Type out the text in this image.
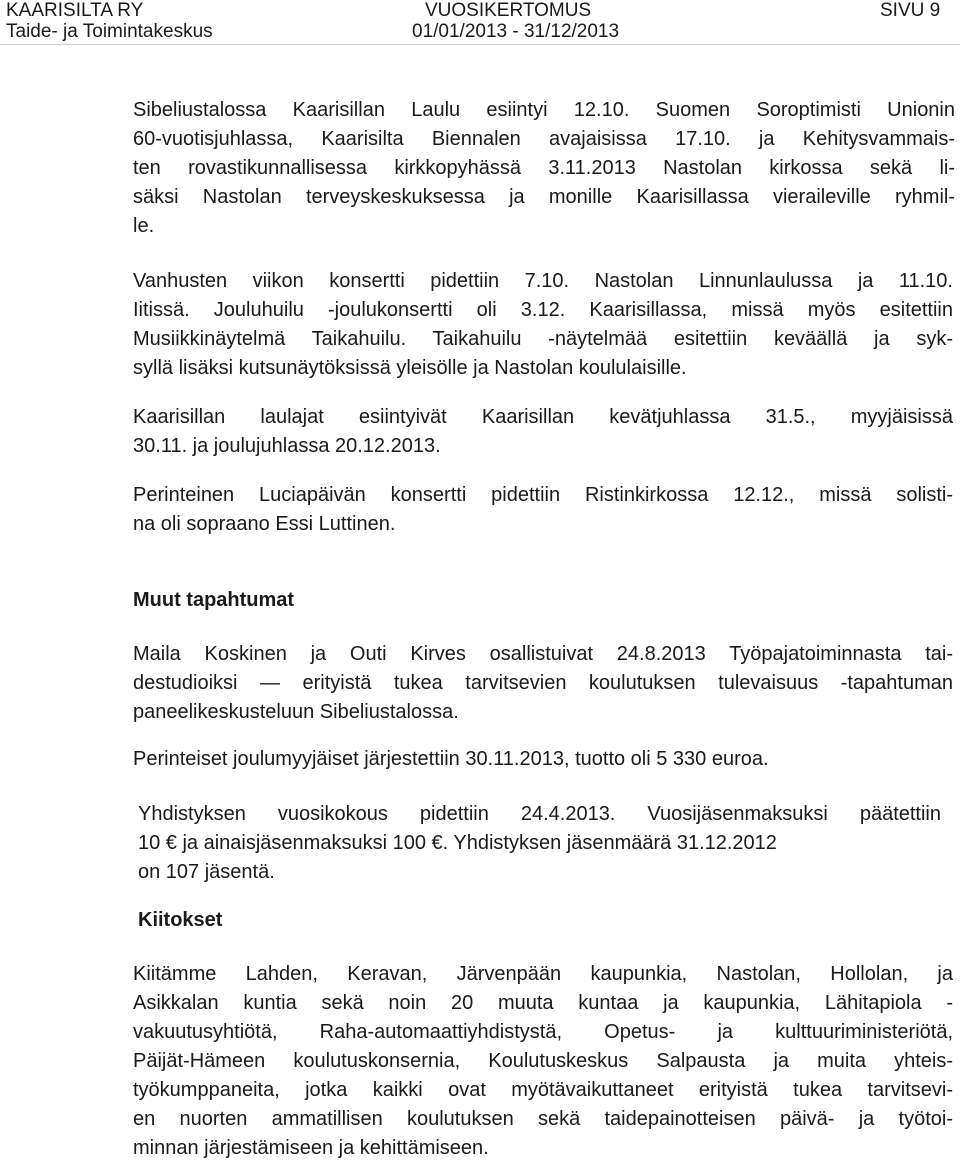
KAARISILTA RY
Taide- ja Toimintakeskus
VUOSIKERTOMUS
01/01/2013 - 31/12/2013
SIVU 9
Sibeliustalossa Kaarisillan Laulu esiintyi 12.10. Suomen Soroptimisti Unionin
60-vuotisjuhlassa, Kaarisilta Biennalen avajaisissa 17.10. ja Kehitysvammais-
ten rovastikunnallisessa kirkkopyhässä 3.11.2013 Nastolan kirkossa sekä li-
säksi Nastolan terveyskeskuksessa ja monille Kaarisillassa vieraileville ryhmil-
le.
Vanhusten viikon konsertti pidettiin 7.10. Nastolan Linnunlaulussa ja 11.10.
Iitissä. Jouluhuilu -joulukonsertti oli 3.12. Kaarisillassa, missä myös esitettiin
Musiikkinäytelmä Taikahuilu. Taikahuilu -näytelmää esitettiin keväällä ja syk-
syllä lisäksi kutsunäytöksissä yleisölle ja Nastolan koululaisille.
Kaarisillan laulajat esiintyivät Kaarisillan kevätjuhlassa 31.5., myyjäisissä
30.11. ja joulujuhlassa 20.12.2013.
Perinteinen Luciapäivän konsertti pidettiin Ristinkirkossa 12.12., missä solisti-
na oli sopraano Essi Luttinen.
Muut tapahtumat
Maila Koskinen ja Outi Kirves osallistuivat 24.8.2013 Työpajatoiminnasta tai-
destudioiksi — erityistä tukea tarvitsevien koulutuksen tulevaisuus -tapahtuman
paneelikeskusteluun Sibeliustalossa.
Perinteiset joulumyyjäiset järjestettiin 30.11.2013, tuotto oli 5 330 euroa.
Yhdistyksen vuosikokous pidettiin 24.4.2013. Vuosijäsenmaksuksi päätettiin
10 € ja ainaisjäsenmaksuksi 100 €. Yhdistyksen jäsenmäärä 31.12.2012
on 107 jäsentä.
Kiitokset
Kiitämme Lahden, Keravan, Järvenpään kaupunkia, Nastolan, Hollolan, ja
Asikkalan kuntia sekä noin 20 muuta kuntaa ja kaupunkia, Lähitapiola -
vakuutusyhtiötä, Raha-automaattiyhdistystä, Opetus- ja kulttuuriministeriötä,
Päijät-Hämeen koulutuskonsernia, Koulutuskeskus Salpausta ja muita yhteis-
työkumppaneita, jotka kaikki ovat myötävaikuttaneet erityistä tukea tarvitsevi-
en nuorten ammatillisen koulutuksen sekä taidepainotteisen päivä- ja työtoi-
minnan järjestämiseen ja kehittämiseen.
